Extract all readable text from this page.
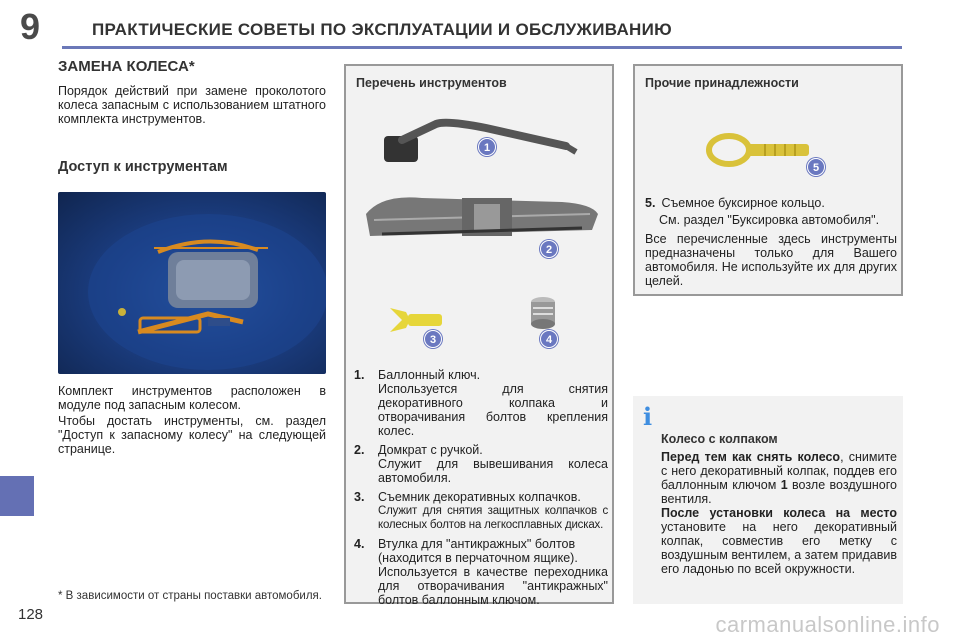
9	ПРАКТИЧЕСКИЕ СОВЕТЫ ПО ЭКСПЛУАТАЦИИ И ОБСЛУЖИВАНИЮ
ЗАМЕНА КОЛЕСА*
Порядок действий при замене проколотого колеса запасным с использованием штатного комплекта инструментов.
Доступ к инструментам
Комплект инструментов расположен в модуле под запасным колесом.
Чтобы достать инструменты, см. раздел "Доступ к запасному колесу" на следующей странице.
* В зависимости от страны поставки автомобиля.
Перечень инструментов
1
2
3	4
1.	Баллонный ключ.
Используется для снятия декоративного колпака и отворачивания болтов крепления колес.
2.	Домкрат с ручкой.
Служит для вывешивания колеса автомобиля.
3.	Съемник декоративных колпачков.
Служит для снятия защитных колпачков с колесных болтов на легкосплавных дисках.
4.	Втулка для "антикражных" болтов (находится в перчаточном ящике).
Используется в качестве переходника для отворачивания "антикражных" болтов баллонным ключом.
Прочие принадлежности
5
5. Съемное буксирное кольцо.
См. раздел "Буксировка автомобиля".
Все перечисленные здесь инструменты предназначены только для Вашего автомобиля. Не используйте их для других целей.
i
Колесо с колпаком
Перед тем как снять колесо, снимите с него декоративный колпак, поддев его баллонным ключом 1 возле воздушного вентиля.
После установки колеса на место установите на него декоративный колпак, совместив его метку с воздушным вентилем, а затем придавив его ладонью по всей окружности.
128	carmanualsonline.info
